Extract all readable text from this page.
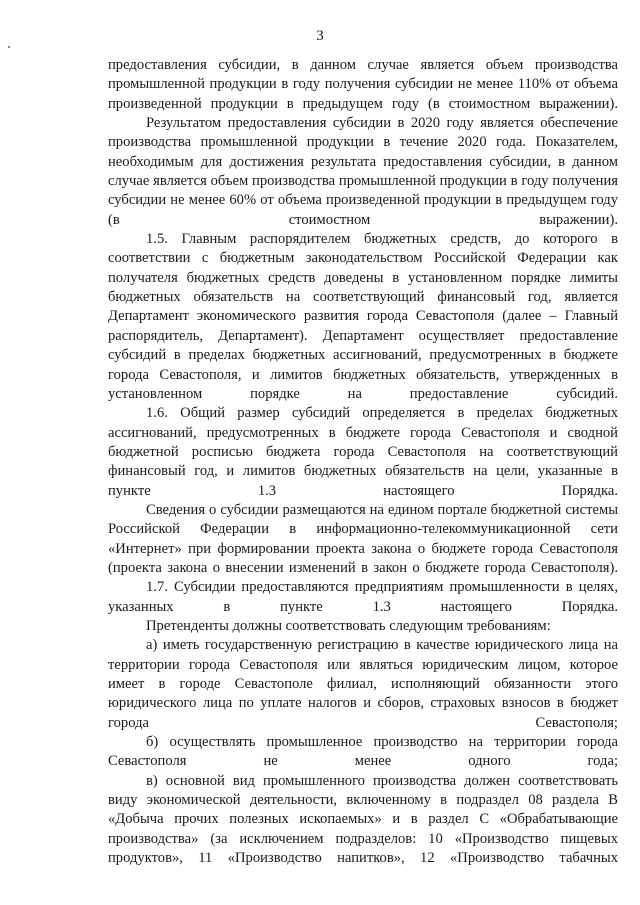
3

предоставления субсидии, в данном случае является объем производства промышленной продукции в году получения субсидии не менее 110% от объема произведенной продукции в предыдущем году (в стоимостном выражении).

Результатом предоставления субсидии в 2020 году является обеспечение производства промышленной продукции в течение 2020 года. Показателем, необходимым для достижения результата предоставления субсидии, в данном случае является объем производства промышленной продукции в году получения субсидии не менее 60% от объема произведенной продукции в предыдущем году (в стоимостном выражении).

1.5. Главным распорядителем бюджетных средств, до которого в соответствии с бюджетным законодательством Российской Федерации как получателя бюджетных средств доведены в установленном порядке лимиты бюджетных обязательств на соответствующий финансовый год, является Департамент экономического развития города Севастополя (далее – Главный распорядитель, Департамент). Департамент осуществляет предоставление субсидий в пределах бюджетных ассигнований, предусмотренных в бюджете города Севастополя, и лимитов бюджетных обязательств, утвержденных в установленном порядке на предоставление субсидий.

1.6. Общий размер субсидий определяется в пределах бюджетных ассигнований, предусмотренных в бюджете города Севастополя и сводной бюджетной росписью бюджета города Севастополя на соответствующий финансовый год, и лимитов бюджетных обязательств на цели, указанные в пункте 1.3 настоящего Порядка.

Сведения о субсидии размещаются на едином портале бюджетной системы Российской Федерации в информационно-телекоммуникационной сети «Интернет» при формировании проекта закона о бюджете города Севастополя (проекта закона о внесении изменений в закон о бюджете города Севастополя).

1.7. Субсидии предоставляются предприятиям промышленности в целях, указанных в пункте 1.3 настоящего Порядка.

Претенденты должны соответствовать следующим требованиям:

а) иметь государственную регистрацию в качестве юридического лица на территории города Севастополя или являться юридическим лицом, которое имеет в городе Севастополе филиал, исполняющий обязанности этого юридического лица по уплате налогов и сборов, страховых взносов в бюджет города Севастополя;

б) осуществлять промышленное производство на территории города Севастополя не менее одного года;

в) основной вид промышленного производства должен соответствовать виду экономической деятельности, включенному в подраздел 08 раздела B «Добыча прочих полезных ископаемых» и в раздел C «Обрабатывающие производства» (за исключением подразделов: 10 «Производство пищевых продуктов», 11 «Производство напитков», 12 «Производство табачных
